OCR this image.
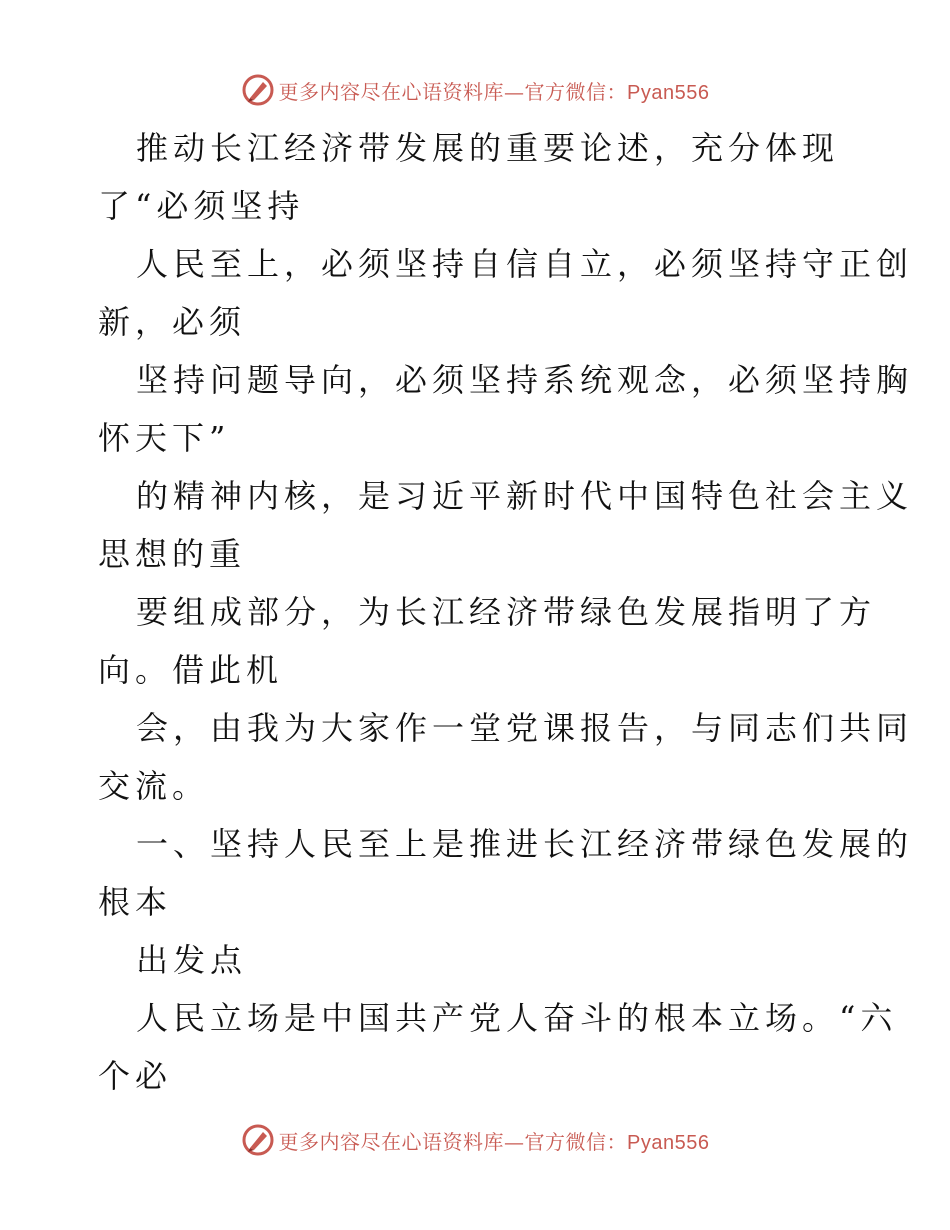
更多内容尽在心语资料库—官方微信：Pyan556
推动长江经济带发展的重要论述，充分体现
了“必须坚持
人民至上，必须坚持自信自立，必须坚持守正创
新，必须
坚持问题导向，必须坚持系统观念，必须坚持胸
怀天下”
的精神内核，是习近平新时代中国特色社会主义
思想的重
要组成部分，为长江经济带绿色发展指明了方
向。借此机
会，由我为大家作一堂党课报告，与同志们共同
交流。
一、坚持人民至上是推进长江经济带绿色发展的
根本
出发点
人民立场是中国共产党人奋斗的根本立场。“六
个必
更多内容尽在心语资料库—官方微信：Pyan556
